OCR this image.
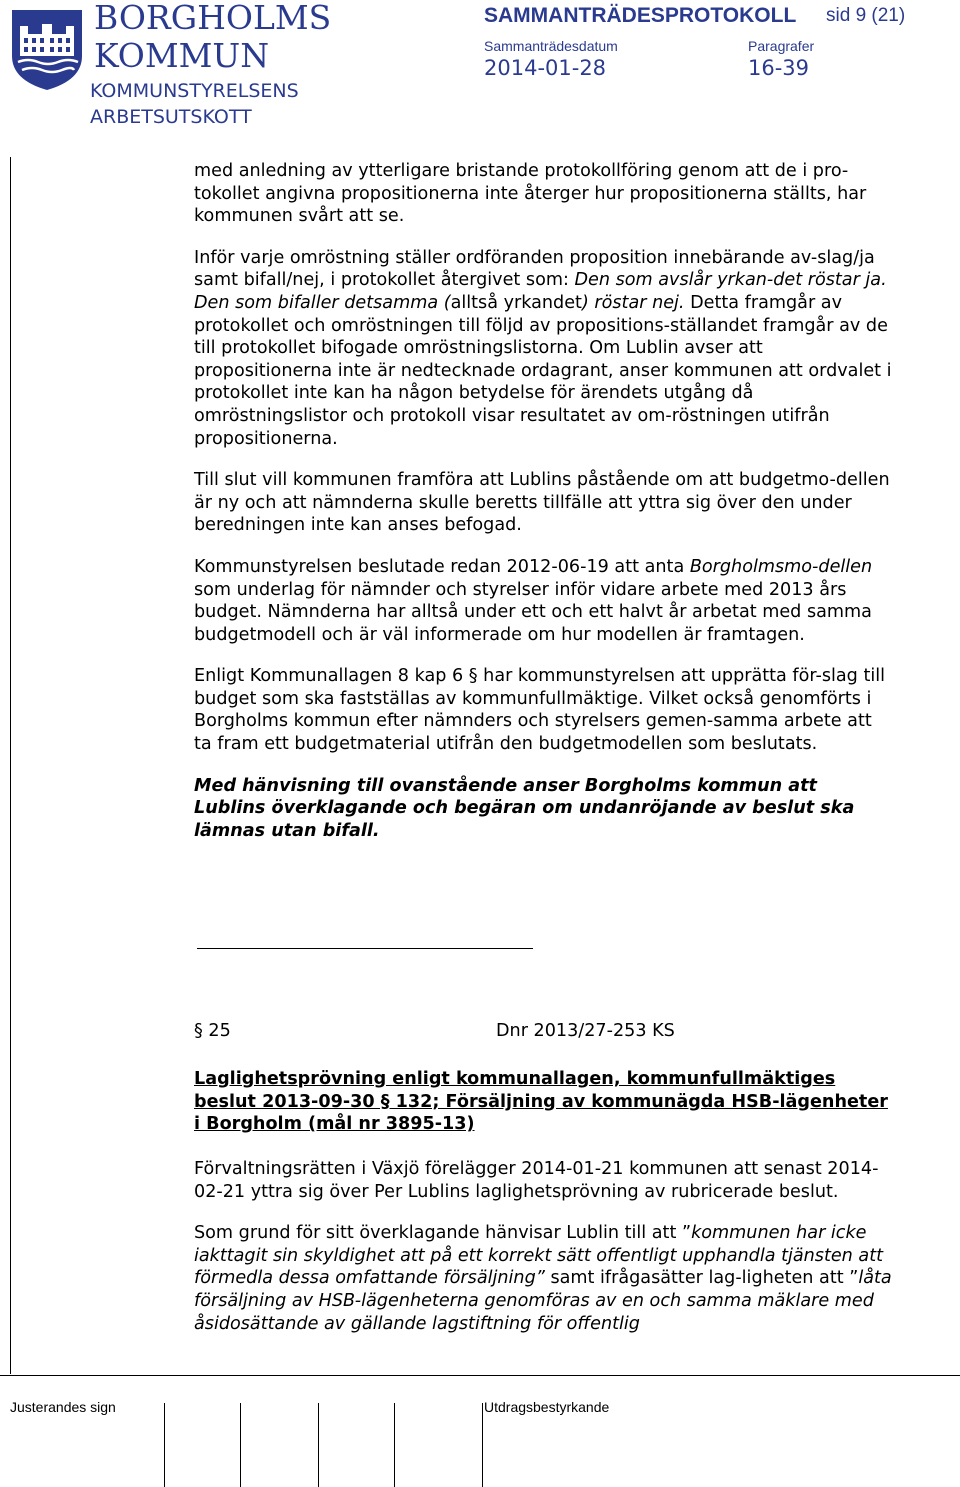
BORGHOLMS
KOMMUN
KOMMUNSTYRELSENS
ARBETSUTSKOTT
SAMMANTRÄDESPROTOKOLL sid 9 (21)
Sammanträdesdatum	Paragrafer
2014-01-28	16-39

med anledning av ytterligare bristande protokollföring genom att de i pro-tokollet angivna propositionerna inte återger hur propositionerna ställts, har kommunen svårt att se.

Inför varje omröstning ställer ordföranden proposition innebärande av-slag/ja samt bifall/nej, i protokollet återgivet som: Den som avslår yrkan-det röstar ja. Den som bifaller detsamma (alltså yrkandet) röstar nej. Detta framgår av protokollet och omröstningen till följd av propositions-ställandet framgår av de till protokollet bifogade omröstningslistorna. Om Lublin avser att propositionerna inte är nedtecknade ordagrant, anser kommunen att ordvalet i protokollet inte kan ha någon betydelse för ärendets utgång då omröstningslistor och protokoll visar resultatet av om-röstningen utifrån propositionerna.

Till slut vill kommunen framföra att Lublins påstående om att budgetmo-dellen är ny och att nämnderna skulle beretts tillfälle att yttra sig över den under beredningen inte kan anses befogad.

Kommunstyrelsen beslutade redan 2012-06-19 att anta Borgholmsmo-dellen som underlag för nämnder och styrelser inför vidare arbete med 2013 års budget. Nämnderna har alltså under ett och ett halvt år arbetat med samma budgetmodell och är väl informerade om hur modellen är framtagen.

Enligt Kommunallagen 8 kap 6 § har kommunstyrelsen att upprätta för-slag till budget som ska fastställas av kommunfullmäktige. Vilket också genomförts i Borgholms kommun efter nämnders och styrelsers gemen-samma arbete att ta fram ett budgetmaterial utifrån den budgetmodellen som beslutats.

Med hänvisning till ovanstående anser Borgholms kommun att Lublins överklagande och begäran om undanröjande av beslut ska lämnas utan bifall.

§ 25	Dnr 2013/27-253 KS
Laglighetsprövning enligt kommunallagen, kommunfullmäktiges beslut 2013-09-30 § 132; Försäljning av kommunägda HSB-lägenheter i Borgholm (mål nr 3895-13)

Förvaltningsrätten i Växjö förelägger 2014-01-21 kommunen att senast 2014-02-21 yttra sig över Per Lublins laglighetsprövning av rubricerade beslut.

Som grund för sitt överklagande hänvisar Lublin till att ”kommunen har icke iakttagit sin skyldighet att på ett korrekt sätt offentligt upphandla tjänsten att förmedla dessa omfattande försäljning” samt ifrågasätter lag-ligheten att ”låta försäljning av HSB-lägenheterna genomföras av en och samma mäklare med åsidosättande av gällande lagstiftning för offentlig

Justerandes sign	Utdragsbestyrkande
